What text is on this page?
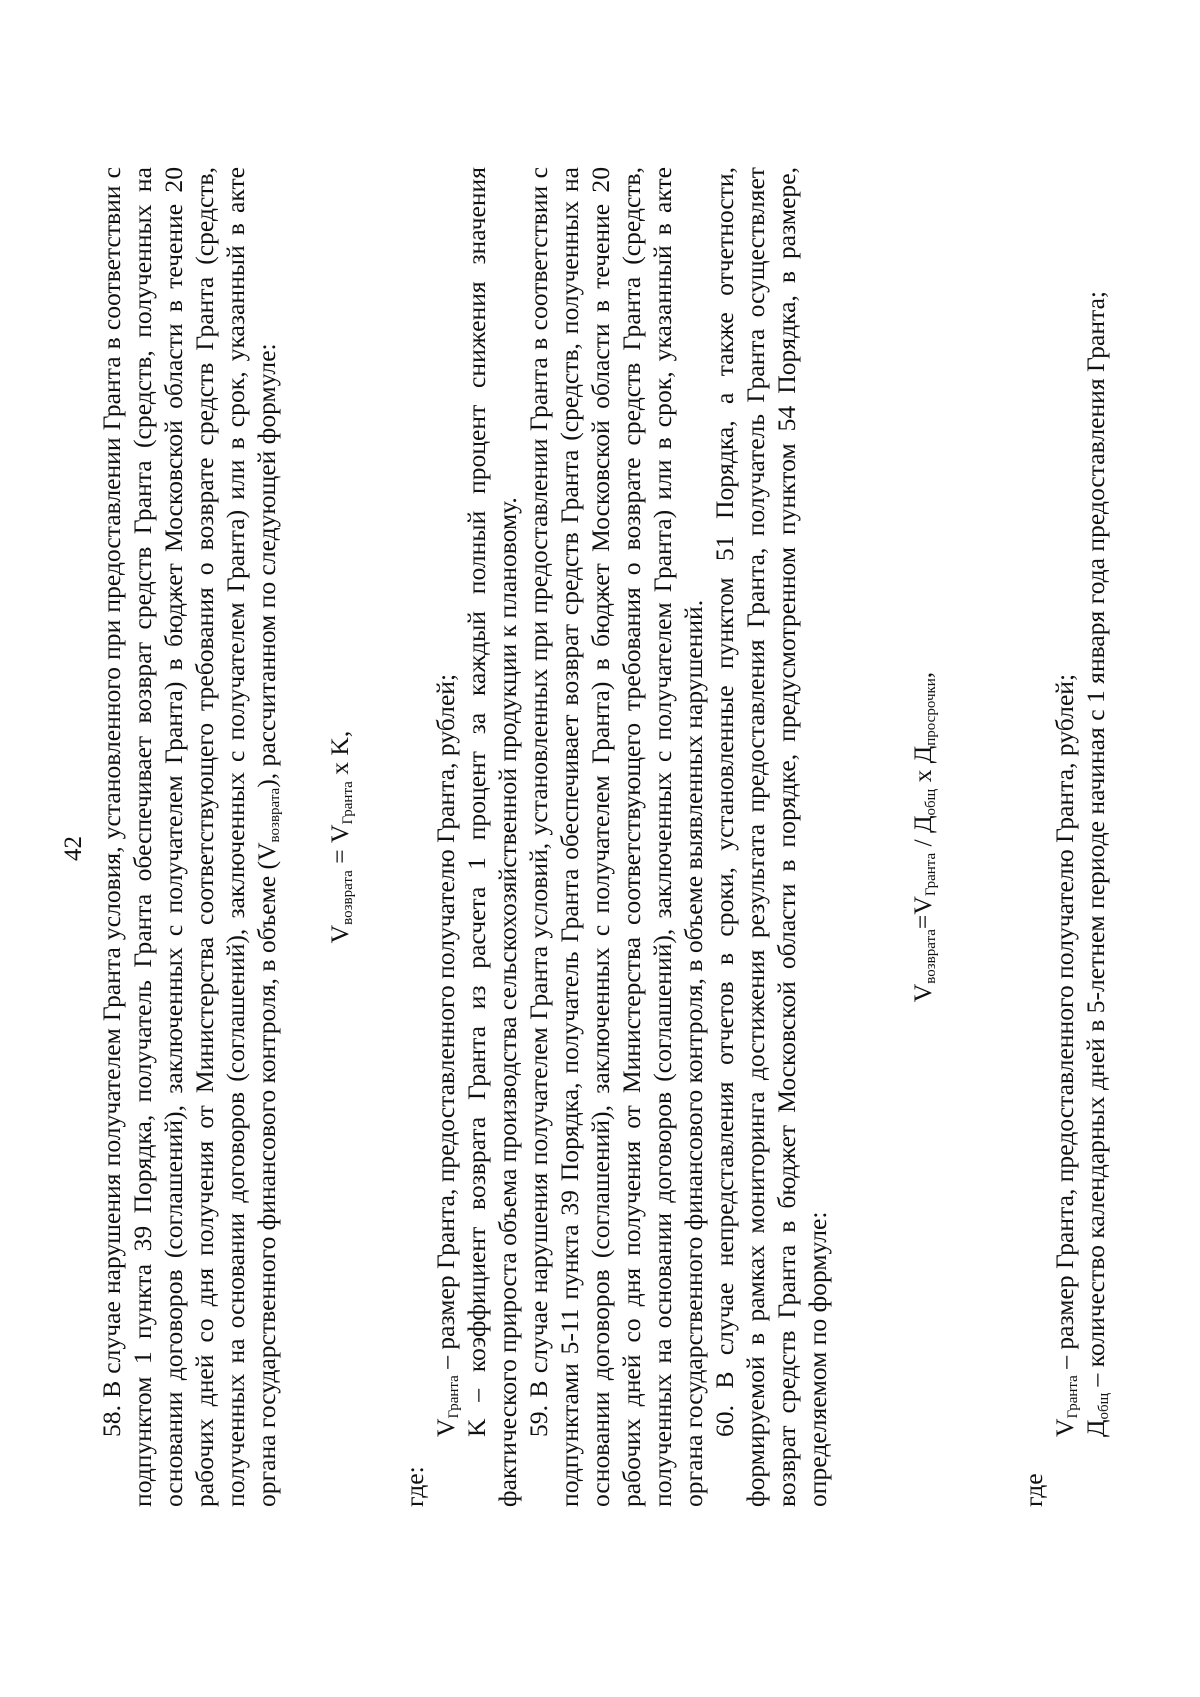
42 58. В случае нарушения получателем Гранта условия, установленного при предоставлении Гранта в соответствии с подпунктом 1 пункта 39 Порядка, получатель Гранта обеспечивает возврат средств Гранта (средств, полученных на основании договоров (соглашений), заключенных с получателем Гранта) в бюджет Московской области в течение 20 рабочих дней со дня получения от Министерства соответствующего требования о возврате средств Гранта (средств, полученных на основании договоров (соглашений), заключенных с получателем Гранта) или в срок, указанный в акте органа государственного финансового контроля, в объеме $(V_{возврата})$, рассчитанном по следующей формуле:

$V_{возврата} = V_{Гранта}$ x K,

где:

$V_{Гранта}$ – размер Гранта, предоставленного получателю Гранта, рублей; K – коэффициент возврата Гранта из расчета 1 процент за каждый полный процент снижения значения фактического прироста объема производства сельскохозяйственной продукции к плановому. 59. В случае нарушения получателем Гранта условий, установленных при предоставлении Гранта в соответствии с подпунктами 5-11 пункта 39 Порядка, получатель Гранта обеспечивает возврат средств Гранта (средств, полученных на основании договоров (соглашений), заключенных с получателем Гранта) в бюджет Московской области в течение 20 рабочих дней со дня получения от Министерства соответствующего требования о возврате средств Гранта (средств, полученных на основании договоров (соглашений), заключенных с получателем Гранта) или в срок, указанный в акте органа государственного финансового контроля, в объеме выявленных нарушений. 60. В случае непредставления отчетов в сроки, установленные пунктом 51 Порядка, а также отчетности, формируемой в рамках мониторинга достижения результата предоставления Гранта, получатель Гранта осуществляет возврат средств Гранта в бюджет Московской области в порядке, предусмотренном пунктом 54 Порядка, в размере, определяемом по формуле:

$V_{возврата}=V_{Гранта} / Д_{общ}$ x $Д_{просрочки}$,

где

$V_{Гранта}$ – размер Гранта, предоставленного получателю Гранта, рублей;

$Д_{общ}$ – количество календарных дней в 5-летнем периоде начиная с 1 января года предоставления Гранта;
